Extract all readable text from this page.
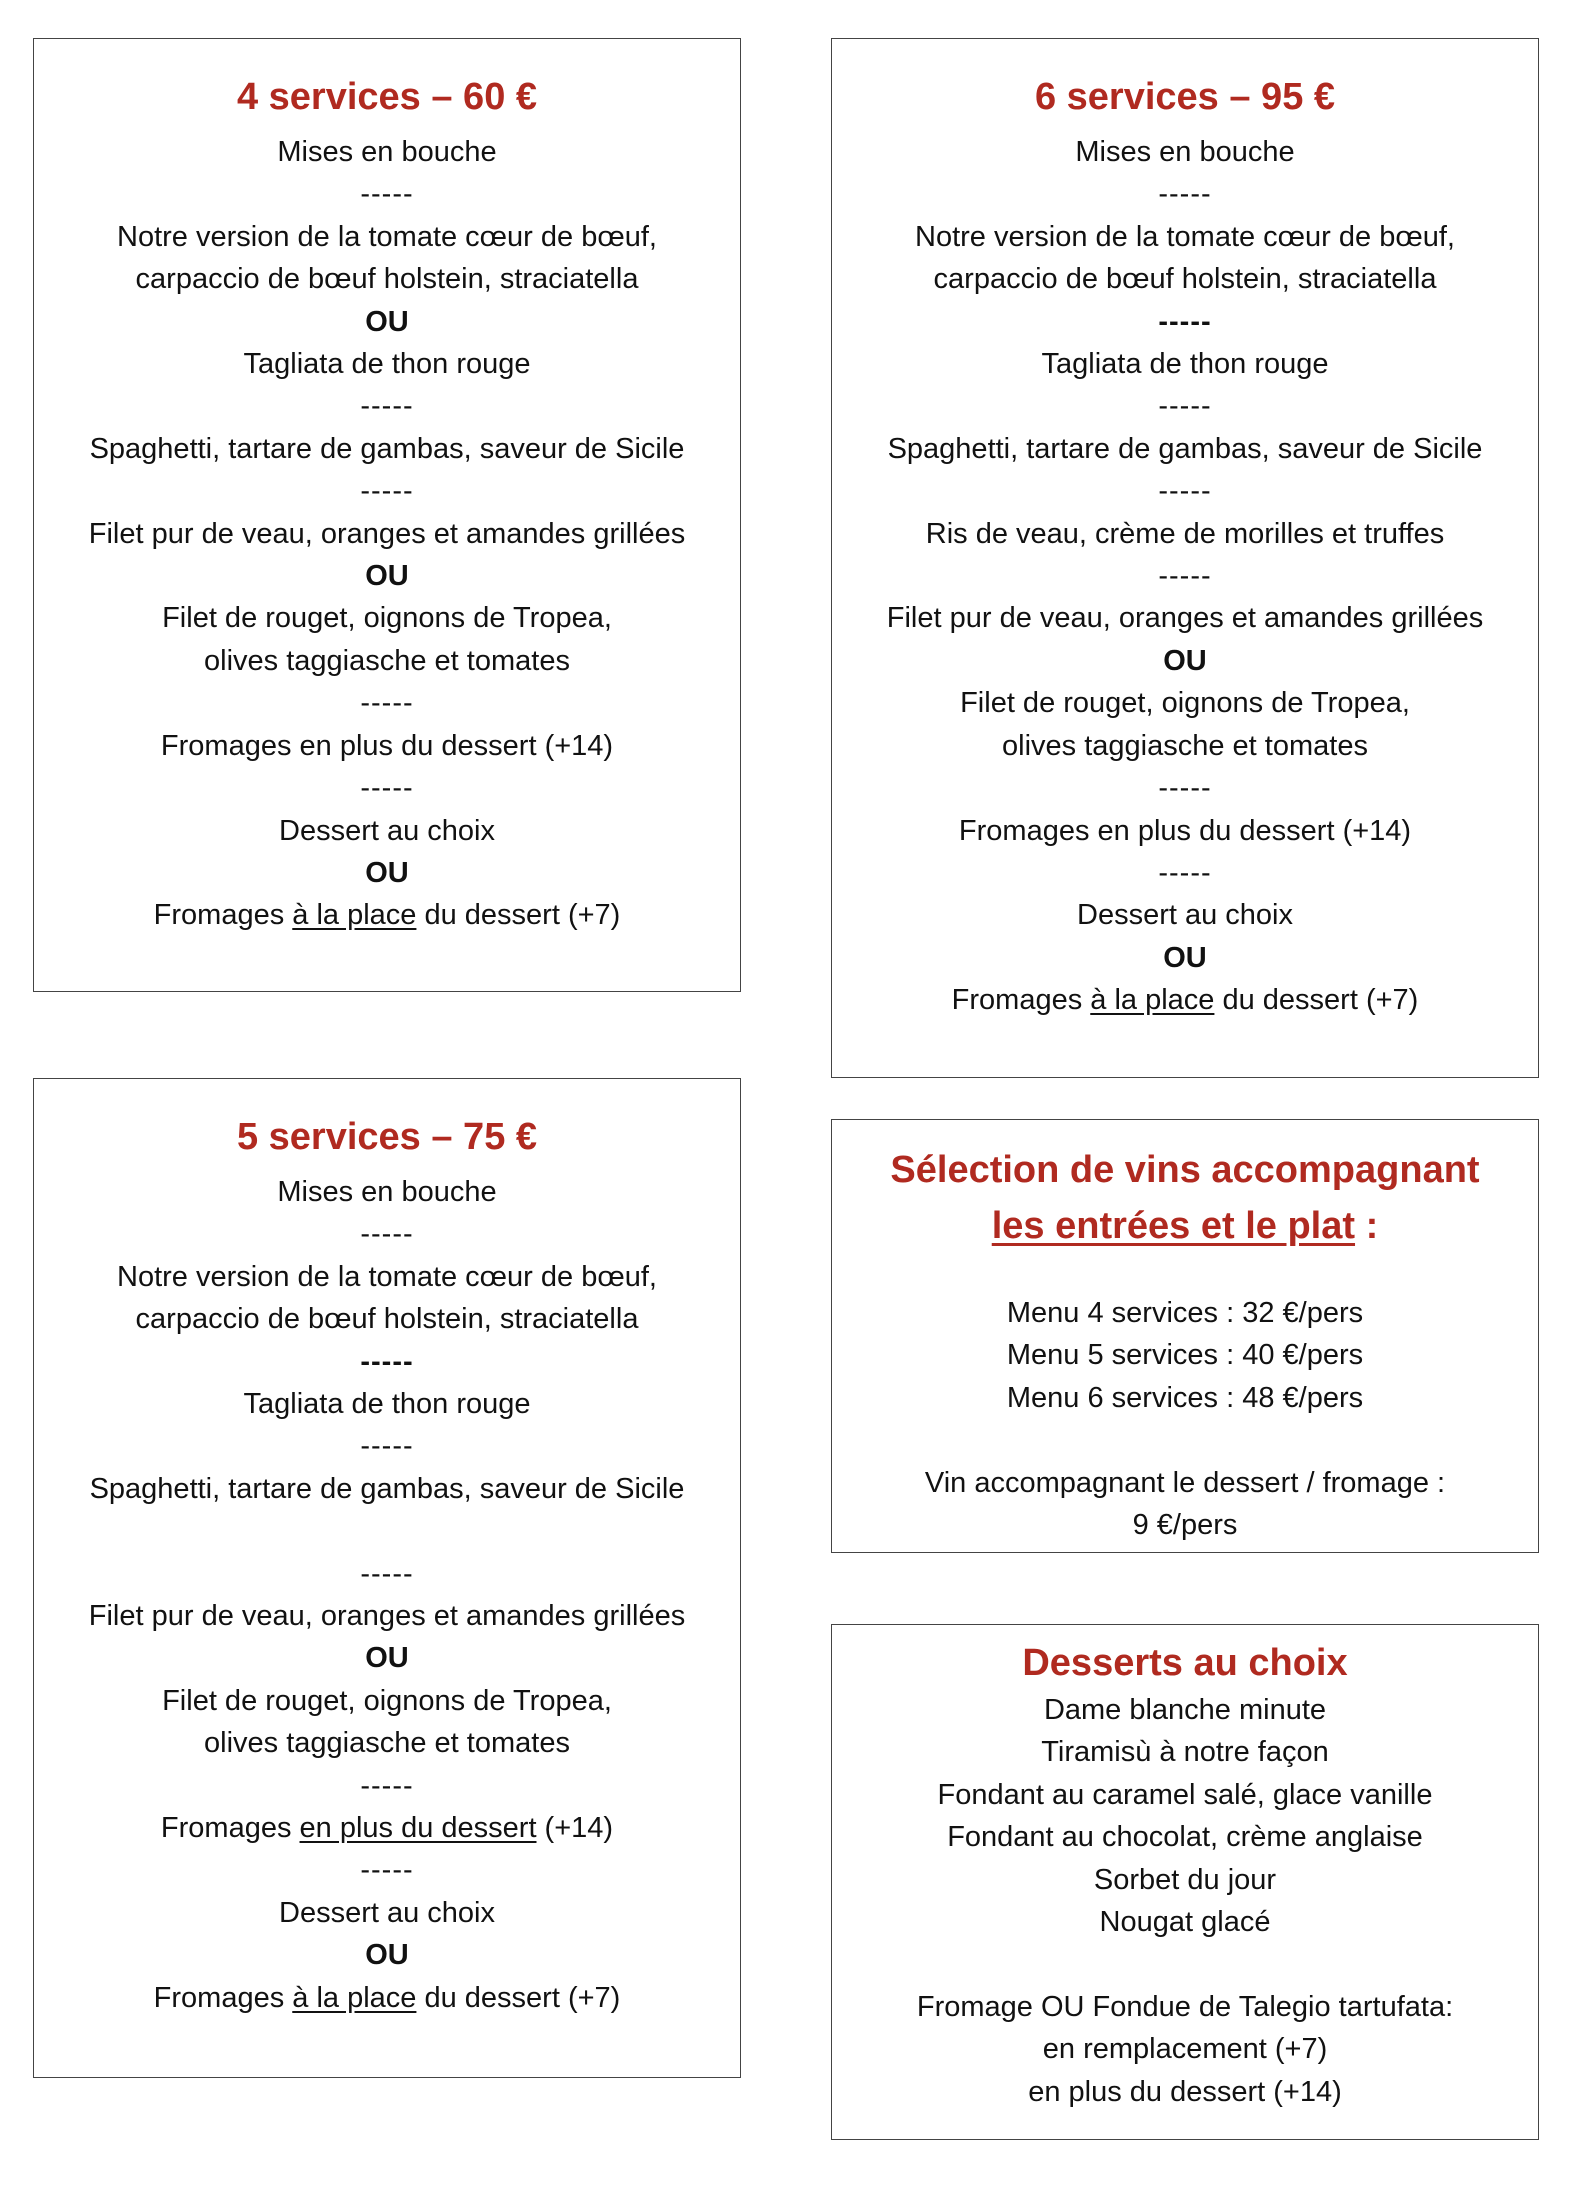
4 services – 60 €
Mises en bouche
-----
Notre version de la tomate cœur de bœuf,
carpaccio de bœuf holstein, straciatella
OU
Tagliata de thon rouge
-----
Spaghetti, tartare de gambas, saveur de Sicile
-----
Filet pur de veau, oranges et amandes grillées
OU
Filet de rouget, oignons de Tropea,
olives taggiasche et tomates
-----
Fromages en plus du dessert (+14)
-----
Dessert au choix
OU
Fromages à la place du dessert (+7)
6 services – 95 €
Mises en bouche
-----
Notre version de la tomate cœur de bœuf,
carpaccio de bœuf holstein, straciatella
-----
Tagliata de thon rouge
-----
Spaghetti, tartare de gambas, saveur de Sicile
-----
Ris de veau, crème de morilles et truffes
-----
Filet pur de veau, oranges et amandes grillées
OU
Filet de rouget, oignons de Tropea,
olives taggiasche et tomates
-----
Fromages en plus du dessert (+14)
-----
Dessert au choix
OU
Fromages à la place du dessert (+7)
5 services – 75 €
Mises en bouche
-----
Notre version de la tomate cœur de bœuf,
carpaccio de bœuf holstein, straciatella
-----
Tagliata de thon rouge
-----
Spaghetti, tartare de gambas, saveur de Sicile
-----
Filet pur de veau, oranges et amandes grillées
OU
Filet de rouget, oignons de Tropea,
olives taggiasche et tomates
-----
Fromages en plus du dessert (+14)
-----
Dessert au choix
OU
Fromages à la place du dessert (+7)
Sélection de vins accompagnant
les entrées et le plat :
Menu 4 services : 32 €/pers
Menu 5 services : 40 €/pers
Menu 6 services : 48 €/pers
Vin accompagnant le dessert / fromage :
9 €/pers
Desserts au choix
Dame blanche minute
Tiramisù à notre façon
Fondant au caramel salé, glace vanille
Fondant au chocolat, crème anglaise
Sorbet du jour
Nougat glacé
Fromage OU Fondue de Talegio tartufata:
en remplacement (+7)
en plus du dessert (+14)
